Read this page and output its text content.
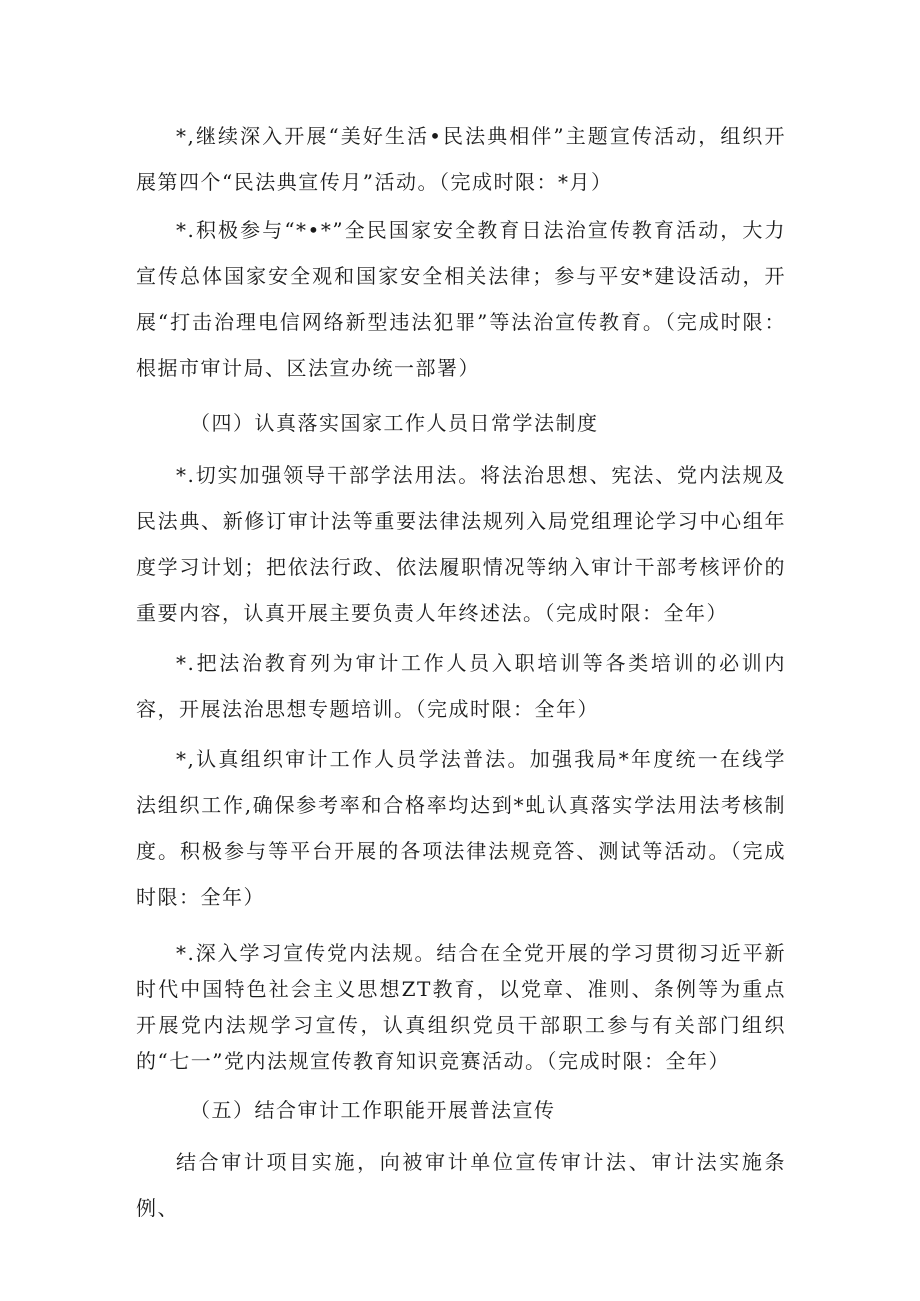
*,继续深入开展“美好生活•民法典相伴”主题宣传活动，组织开展第四个“民法典宣传月”活动。（完成时限：*月）

*.积极参与“*•*”全民国家安全教育日法治宣传教育活动，大力宣传总体国家安全观和国家安全相关法律；参与平安*建设活动，开展“打击治理电信网络新型违法犯罪”等法治宣传教育。（完成时限：根据市审计局、区法宣办统一部署）

（四）认真落实国家工作人员日常学法制度

*.切实加强领导干部学法用法。将法治思想、宪法、党内法规及民法典、新修订审计法等重要法律法规列入局党组理论学习中心组年度学习计划；把依法行政、依法履职情况等纳入审计干部考核评价的重要内容，认真开展主要负责人年终述法。（完成时限：全年）

*.把法治教育列为审计工作人员入职培训等各类培训的必训内容，开展法治思想专题培训。（完成时限：全年）

*,认真组织审计工作人员学法普法。加强我局*年度统一在线学法组织工作,确保参考率和合格率均达到*虬认真落实学法用法考核制度。积极参与等平台开展的各项法律法规竞答、测试等活动。（完成时限：全年）

*.深入学习宣传党内法规。结合在全党开展的学习贯彻习近平新时代中国特色社会主义思想ZT教育，以党章、准则、条例等为重点开展党内法规学习宣传，认真组织党员干部职工参与有关部门组织的“七一”党内法规宣传教育知识竞赛活动。（完成时限：全年）

（五）结合审计工作职能开展普法宣传

结合审计项目实施，向被审计单位宣传审计法、审计法实施条例、
